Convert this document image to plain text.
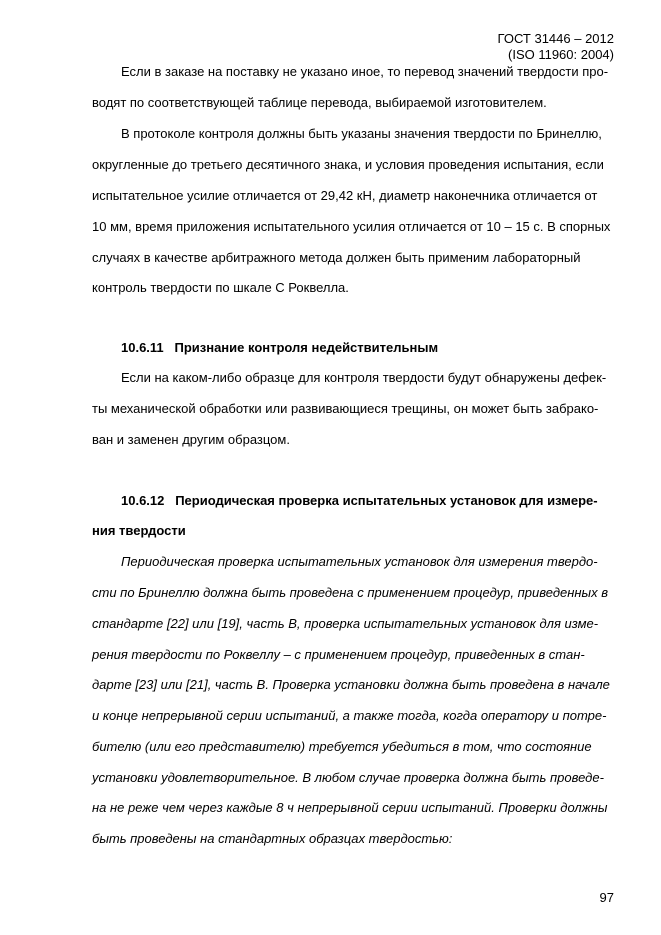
ГОСТ 31446 – 2012
(ISO 11960: 2004)
Если в заказе на поставку не указано иное, то перевод значений твердости про-
водят по соответствующей таблице перевода, выбираемой изготовителем.
В протоколе контроля должны быть указаны значения твердости по Бринеллю,
округленные до третьего десятичного знака, и условия проведения испытания, если
испытательное усилие отличается от 29,42 кН, диаметр наконечника отличается от
10 мм, время приложения испытательного усилия отличается от 10 – 15 с. В спорных
случаях в качестве арбитражного метода должен быть применим лабораторный
контроль твердости по шкале С Роквелла.
10.6.11   Признание контроля недействительным
Если на каком-либо образце для контроля твердости будут обнаружены дефек-
ты механической обработки или развивающиеся трещины, он может быть забрако-
ван и заменен другим образцом.
10.6.12   Периодическая проверка испытательных установок для измере-
ния твердости
Периодическая проверка испытательных установок для измерения твердо-
сти по Бринеллю должна быть проведена с применением процедур, приведенных в
стандарте [22] или [19], часть В, проверка испытательных установок для изме-
рения твердости по Роквеллу – с применением процедур, приведенных в стан-
дарте [23] или [21], часть В. Проверка установки должна быть проведена в начале
и конце непрерывной серии испытаний, а также тогда, когда оператору и потре-
бителю (или его представителю) требуется убедиться в том, что состояние
установки удовлетворительное. В любом случае проверка должна быть проведе-
на не реже чем через каждые 8 ч непрерывной серии испытаний. Проверки должны
быть проведены на стандартных образцах твердостью:
97
